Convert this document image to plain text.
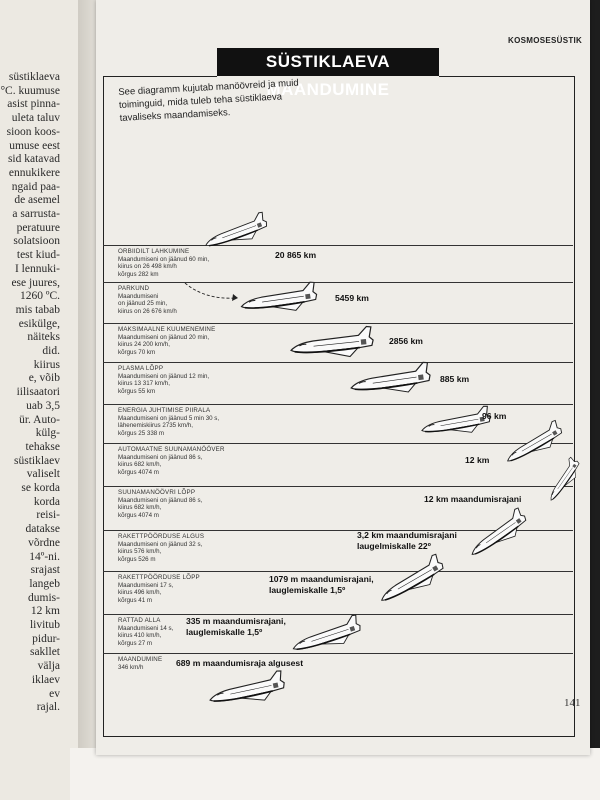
süstiklaeva
°C. kuumuse
asist pinna-
uleta taluv
sioon koos-
umuse eest
sid katavad
ennukikere
ngaid paa-
de asemel
a sarrusta-
peratuure
solatsioon
test kiud-
I lennuki-
ese juures,
1260 ºC.
mis tabab
esikülge,
näiteks
did.
kiirus
e, võib
iilisaatori
uab 3,5
ür. Auto-
külg-
tehakse
süstiklaev
valiselt
se korda
korda
reisi-
datakse
võrdne
14º-ni.
srajast
langeb
dumis-
12 km
livitub
pidur-
sakllet
välja
iklaev
ev
rajal.
KOSMOSESÜSTIK
SÜSTIKLAEVA MAANDUMINE
See diagramm kujutab manöövreid ja muid toiminguid, mida tuleb teha süstiklaeva tavaliseks maandamiseks.
ORBIIDILT LAHKUMINE
Maandumiseni on jäänud 60 min,
kiirus on 26 498 km/h
kõrgus 282 km
20 865 km
PARKUND
Maandumiseni
on jäänud 25 min,
kiirus on 26 676 km/h
5459 km
MAKSIMAALNE KUUMENEMINE
Maandumiseni on jäänud 20 min,
kiirus 24 200 km/h,
kõrgus 70 km
2856 km
PLASMA LÕPP
Maandumiseni on jäänud 12 min,
kiirus 13 317 km/h,
kõrgus 55 km
885 km
ENERGIA JUHTIMISE PIIRALA
Maandumiseni on jäänud 5 min 30 s,
lähenemiskiirus 2735 km/h,
kõrgus 25 338 m
96 km
AUTOMAATNE SUUNAMANÖÖVER
Maandumiseni on jäänud 86 s,
kiirus 682 km/h,
kõrgus 4074 m
12 km
SUUNAMANÖÖVRI LÕPP
Maandumiseni on jäänud 86 s,
kiirus 682 km/h,
kõrgus 4074 m
12 km maandumisrajani
RAKETTPÖÖRDUSE ALGUS
Maandumiseni on jäänud 32 s,
kiirus 576 km/h,
kõrgus 526 m
3,2 km maandumisrajani laugelmiskalle 22º
RAKETTPÖÖRDUSE LÕPP
Maandumiseni 17 s,
kiirus 496 km/h,
kõrgus 41 m
1079 m maandumisrajani, lauglemiskalle 1,5º
RATTAD ALLA
Maandumiseni 14 s,
kiirus 410 km/h,
kõrgus 27 m
335 m maandumisrajani, lauglemiskalle 1,5º
MAANDUMINE
346 km/h	689 m maandumisraja algusest
141
